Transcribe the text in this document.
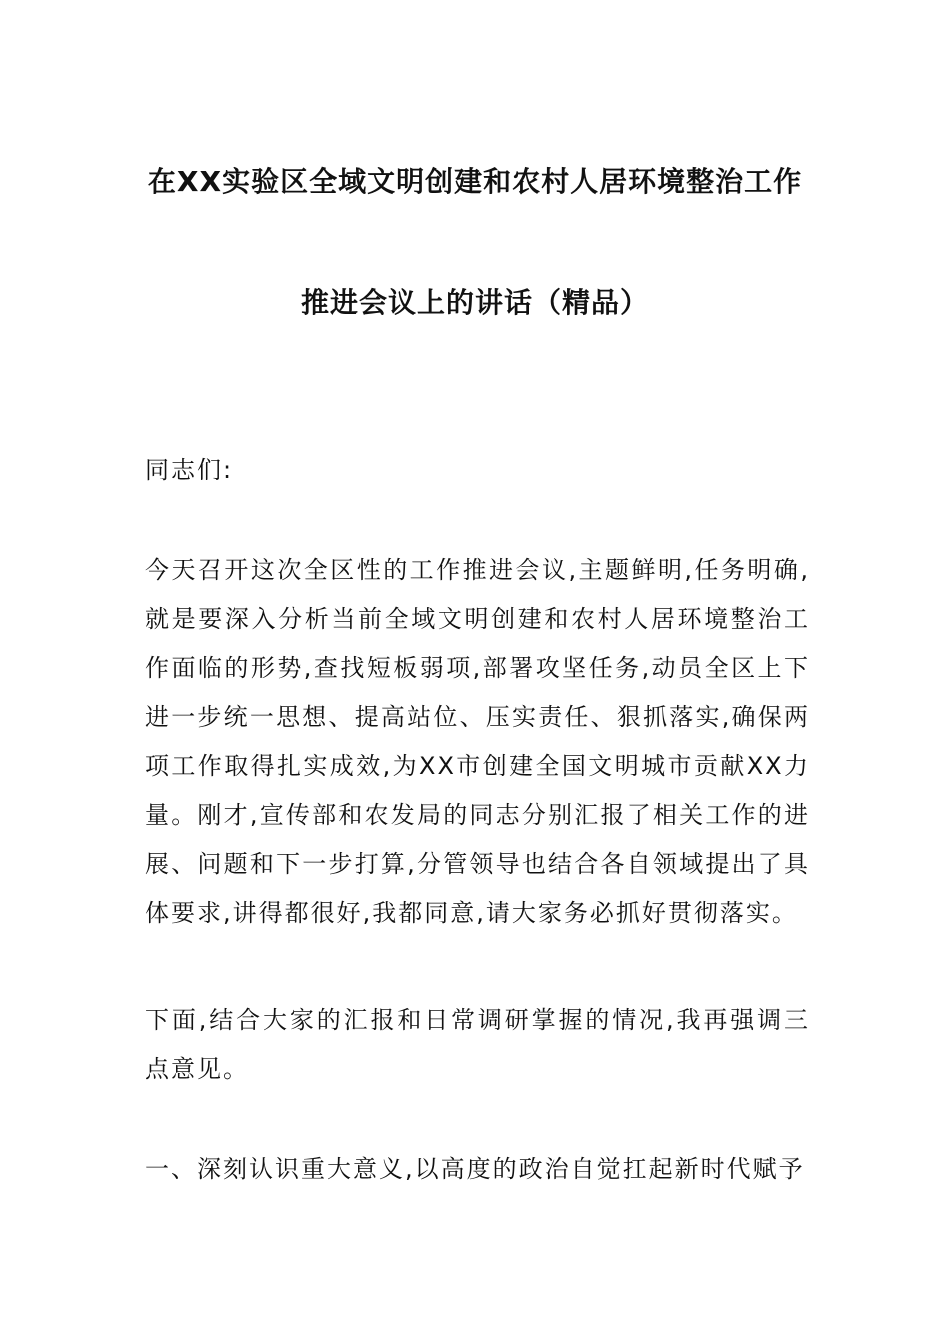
在XX实验区全域文明创建和农村人居环境整治工作
推进会议上的讲话（精品）

同志们:

今天召开这次全区性的工作推进会议,主题鲜明,任务明确,就是要深入分析当前全域文明创建和农村人居环境整治工作面临的形势,查找短板弱项,部署攻坚任务,动员全区上下进一步统一思想、提高站位、压实责任、狠抓落实,确保两项工作取得扎实成效,为XX市创建全国文明城市贡献XX力量。刚才,宣传部和农发局的同志分别汇报了相关工作的进展、问题和下一步打算,分管领导也结合各自领域提出了具体要求,讲得都很好,我都同意,请大家务必抓好贯彻落实。

下面,结合大家的汇报和日常调研掌握的情况,我再强调三点意见。

一、深刻认识重大意义,以高度的政治自觉扛起新时代赋予
